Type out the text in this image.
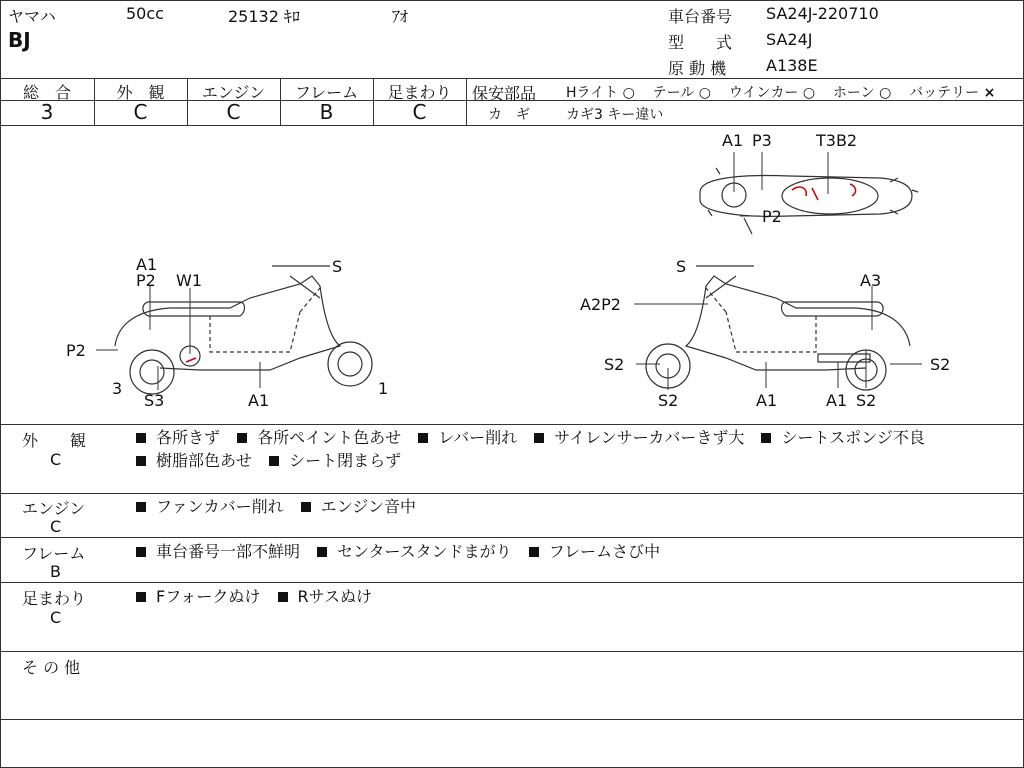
ヤマハ	50cc	25132 ｷﾛ	ｱｵ
BJ
車台番号 SA24J-220710
型　　式 SA24J
原 動 機 A138E
総　合
3
外　観
C
エンジン
C
フレーム
B
足まわり
C
保安部品 Hライト ○ テール ○ ウインカー ○ ホーン ○ バッテリー ×
カ　ギ	カギ3 キー違い
A1 P3	T3B2
P2
A1
P2 W1
S
P2
3
S3	A1
1
S
A3
A2P2
S2	S2
S2	A1	A1 S2
外　　観
C
各所きず 各所ペイント色あせ レバー削れ サイレンサーカバーきず大 シートスポンジ不良
樹脂部色あせ シート閉まらず
エンジン
C
ファンカバー削れ エンジン音中
フレーム
B
車台番号一部不鮮明 センタースタンドまがり フレームさび中
足まわり
C
Fフォークぬけ Rサスぬけ
そ の 他
